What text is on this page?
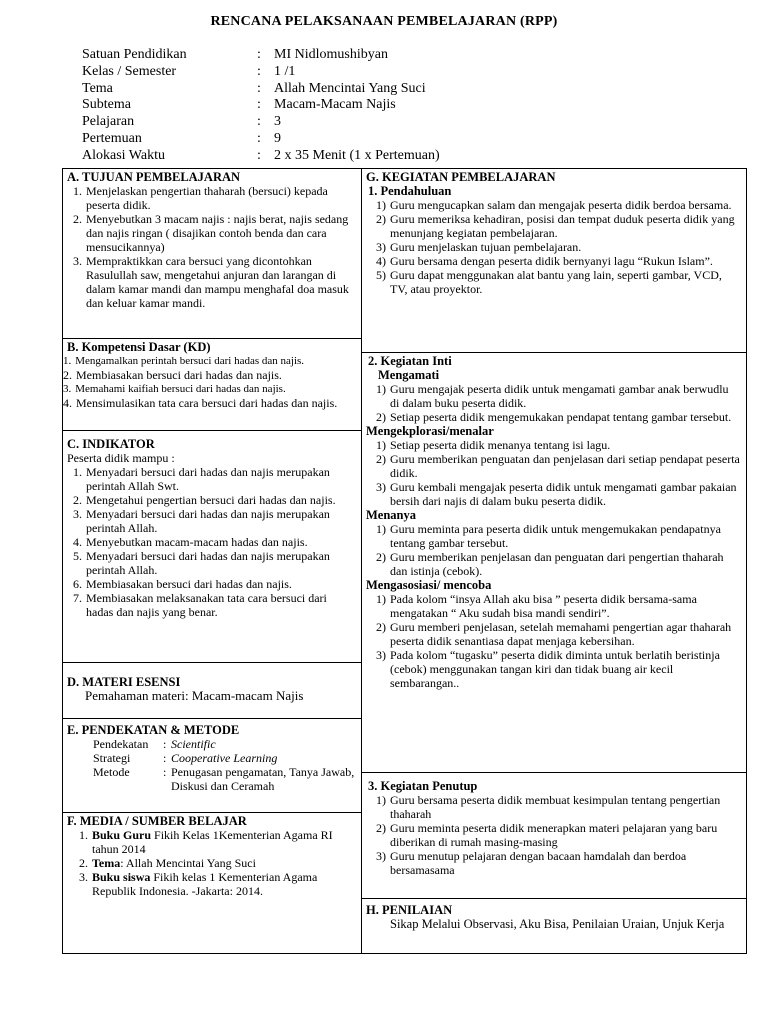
RENCANA PELAKSANAAN PEMBELAJARAN (RPP)
Satuan Pendidikan	: MI Nidlomushibyan
Kelas / Semester	: 1 /1
Tema	: Allah Mencintai Yang Suci
Subtema	: Macam-Macam Najis
Pelajaran	: 3
Pertemuan	: 9
Alokasi Waktu	: 2 x 35 Menit (1 x Pertemuan)
A. TUJUAN PEMBELAJARAN
1. Menjelaskan pengertian thaharah (bersuci) kepada peserta didik.
2. Menyebutkan 3 macam najis : najis berat, najis sedang dan najis ringan ( disajikan contoh benda dan cara mensucikannya)
3. Mempraktikkan cara bersuci yang dicontohkan Rasulullah saw, mengetahui anjuran dan larangan di dalam kamar mandi dan mampu menghafal doa masuk dan keluar kamar mandi.
B. Kompetensi Dasar (KD)
1. Mengamalkan perintah bersuci dari hadas dan najis.
2. Membiasakan bersuci dari hadas dan najis.
3. Memahami kaifiah bersuci dari hadas dan najis.
4. Mensimulasikan tata cara bersuci dari hadas dan najis.
C. INDIKATOR
Peserta didik mampu :
1. Menyadari bersuci dari hadas dan najis merupakan perintah Allah Swt.
2. Mengetahui pengertian bersuci dari hadas dan najis.
3. Menyadari bersuci dari hadas dan najis merupakan perintah Allah.
4. Menyebutkan macam-macam hadas dan najis.
5. Menyadari bersuci dari hadas dan najis merupakan perintah Allah.
6. Membiasakan bersuci dari hadas dan najis.
7. Membiasakan melaksanakan tata cara bersuci dari hadas dan najis yang benar.
D. MATERI ESENSI
Pemahaman materi: Macam-macam Najis
E. PENDEKATAN & METODE
Pendekatan	: Scientific
Strategi	: Cooperative Learning
Metode	: Penugasan pengamatan, Tanya Jawab, Diskusi dan Ceramah
F. MEDIA / SUMBER BELAJAR
1. Buku Guru Fikih Kelas 1Kementerian Agama RI tahun 2014
2. Tema: Allah Mencintai Yang Suci
3. Buku siswa Fikih kelas 1 Kementerian Agama Republik Indonesia. -Jakarta: 2014.
G. KEGIATAN PEMBELAJARAN
1. Pendahuluan
1) Guru mengucapkan salam dan mengajak peserta didik berdoa bersama.
2) Guru memeriksa kehadiran, posisi dan tempat duduk peserta didik yang menunjang kegiatan pembelajaran.
3) Guru menjelaskan tujuan pembelajaran.
4) Guru bersama dengan peserta didik bernyanyi lagu “Rukun Islam”.
5) Guru dapat menggunakan alat bantu yang lain, seperti gambar, VCD, TV, atau proyektor.
2. Kegiatan Inti
Mengamati
1) Guru mengajak peserta didik untuk mengamati gambar anak berwudlu di dalam buku peserta didik.
2) Setiap peserta didik mengemukakan pendapat tentang gambar tersebut.
Mengekplorasi/menalar
1) Setiap peserta didik menanya tentang isi lagu.
2) Guru memberikan penguatan dan penjelasan dari setiap pendapat peserta didik.
3) Guru kembali mengajak peserta didik untuk mengamati gambar pakaian bersih dari najis di dalam buku peserta didik.
Menanya
1) Guru meminta para peserta didik untuk mengemukakan pendapatnya tentang gambar tersebut.
2) Guru memberikan penjelasan dan penguatan dari pengertian thaharah dan istinja (cebok).
Mengasosiasi/ mencoba
1) Pada kolom “insya Allah aku bisa ” peserta didik bersama-sama mengatakan “ Aku sudah bisa mandi sendiri”.
2) Guru memberi penjelasan, setelah memahami pengertian agar thaharah peserta didik senantiasa dapat menjaga kebersihan.
3) Pada kolom “tugasku” peserta didik diminta untuk berlatih beristinja (cebok) menggunakan tangan kiri dan tidak buang air kecil sembarangan..
3. Kegiatan Penutup
1) Guru bersama peserta didik membuat kesimpulan tentang pengertian thaharah
2) Guru meminta peserta didik menerapkan materi pelajaran yang baru diberikan di rumah masing-masing
3) Guru menutup pelajaran dengan bacaan hamdalah dan berdoa bersamasama
H. PENILAIAN
Sikap Melalui Observasi, Aku Bisa, Penilaian Uraian, Unjuk Kerja
